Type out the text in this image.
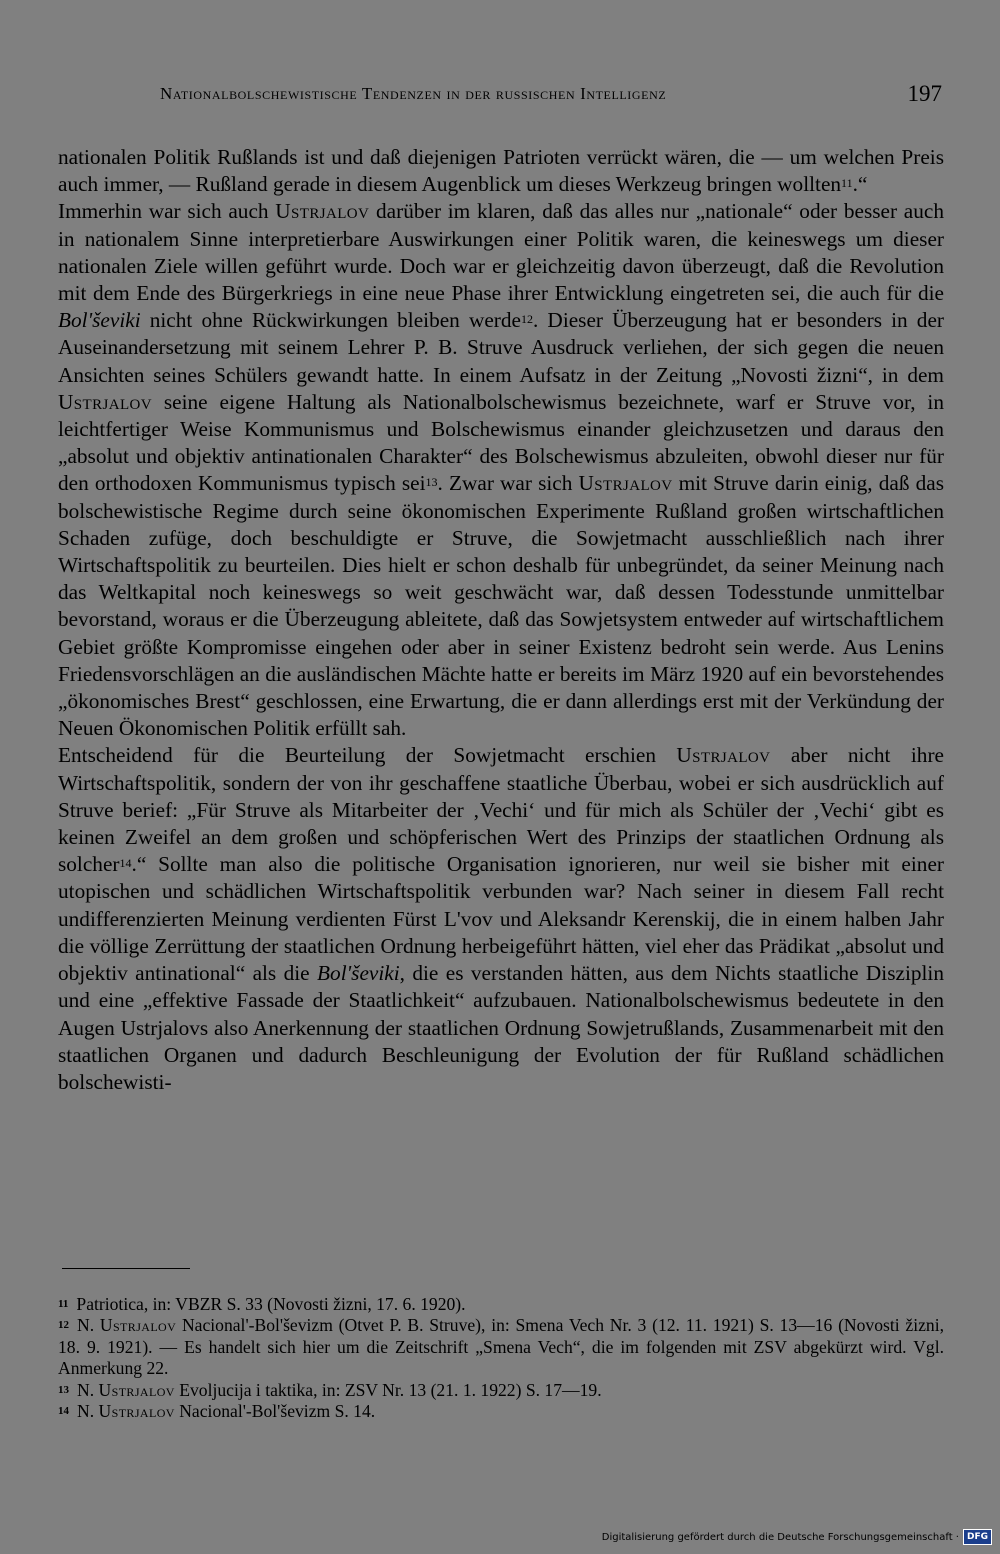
Nationalbolschewistische Tendenzen in der russischen Intelligenz	197

nationalen Politik Rußlands ist und daß diejenigen Patrioten verrückt wären, die — um welchen Preis auch immer, — Rußland gerade in diesem Augenblick um dieses Werkzeug bringen wollten$^{11}$.“

Immerhin war sich auch Ustrjalov darüber im klaren, daß das alles nur „nationale“ oder besser auch in nationalem Sinne interpretierbare Auswirkungen einer Politik waren, die keineswegs um dieser nationalen Ziele willen geführt wurde. Doch war er gleichzeitig davon überzeugt, daß die Revolution mit dem Ende des Bürgerkriegs in eine neue Phase ihrer Entwicklung eingetreten sei, die auch für die Bol'ševiki nicht ohne Rückwirkungen bleiben werde$^{12}$. Dieser Überzeugung hat er besonders in der Auseinandersetzung mit seinem Lehrer P. B. Struve Ausdruck verliehen, der sich gegen die neuen Ansichten seines Schülers gewandt hatte. In einem Aufsatz in der Zeitung „Novosti žizni“, in dem Ustrjalov seine eigene Haltung als Nationalbolschewismus bezeichnete, warf er Struve vor, in leichtfertiger Weise Kommunismus und Bolschewismus einander gleichzusetzen und daraus den „absolut und objektiv antinationalen Charakter“ des Bolschewismus abzuleiten, obwohl dieser nur für den orthodoxen Kommunismus typisch sei$^{13}$. Zwar war sich Ustrjalov mit Struve darin einig, daß das bolschewistische Regime durch seine ökonomischen Experimente Rußland großen wirtschaftlichen Schaden zufüge, doch beschuldigte er Struve, die Sowjetmacht ausschließlich nach ihrer Wirtschaftspolitik zu beurteilen. Dies hielt er schon deshalb für unbegründet, da seiner Meinung nach das Weltkapital noch keineswegs so weit geschwächt war, daß dessen Todesstunde unmittelbar bevorstand, woraus er die Überzeugung ableitete, daß das Sowjetsystem entweder auf wirtschaftlichem Gebiet größte Kompromisse eingehen oder aber in seiner Existenz bedroht sein werde. Aus Lenins Friedensvorschlägen an die ausländischen Mächte hatte er bereits im März 1920 auf ein bevorstehendes „ökonomisches Brest“ geschlossen, eine Erwartung, die er dann allerdings erst mit der Verkündung der Neuen Ökonomischen Politik erfüllt sah.

Entscheidend für die Beurteilung der Sowjetmacht erschien Ustrjalov aber nicht ihre Wirtschaftspolitik, sondern der von ihr geschaffene staatliche Überbau, wobei er sich ausdrücklich auf Struve berief: „Für Struve als Mitarbeiter der ‚Vechi‘ und für mich als Schüler der ‚Vechi‘ gibt es keinen Zweifel an dem großen und schöpferischen Wert des Prinzips der staatlichen Ordnung als solcher$^{14}$.“ Sollte man also die politische Organisation ignorieren, nur weil sie bisher mit einer utopischen und schädlichen Wirtschaftspolitik verbunden war? Nach seiner in diesem Fall recht undifferenzierten Meinung verdienten Fürst L'vov und Aleksandr Kerenskij, die in einem halben Jahr die völlige Zerrüttung der staatlichen Ordnung herbeigeführt hätten, viel eher das Prädikat „absolut und objektiv antinational“ als die Bol'ševiki, die es verstanden hätten, aus dem Nichts staatliche Disziplin und eine „effektive Fassade der Staatlichkeit“ aufzubauen. Nationalbolschewismus bedeutete in den Augen Ustrjalovs also Anerkennung der staatlichen Ordnung Sowjetrußlands, Zusammenarbeit mit den staatlichen Organen und dadurch Beschleunigung der Evolution der für Rußland schädlichen bolschewisti-

$^{11}$ Patriotica, in: VBZR S. 33 (Novosti žizni, 17. 6. 1920).

$^{12}$ N. Ustrjalov Nacional'-Bol'ševizm (Otvet P. B. Struve), in: Smena Vech Nr. 3 (12. 11. 1921) S. 13—16 (Novosti žizni, 18. 9. 1921). — Es handelt sich hier um die Zeitschrift „Smena Vech“, die im folgenden mit ZSV abgekürzt wird. Vgl. Anmerkung 22.

$^{13}$ N. Ustrjalov Evoljucija i taktika, in: ZSV Nr. 13 (21. 1. 1922) S. 17—19.

$^{14}$ N. Ustrjalov Nacional'-Bol'ševizm S. 14.

Digitalisierung gefördert durch die Deutsche Forschungsgemeinschaft · DFG
